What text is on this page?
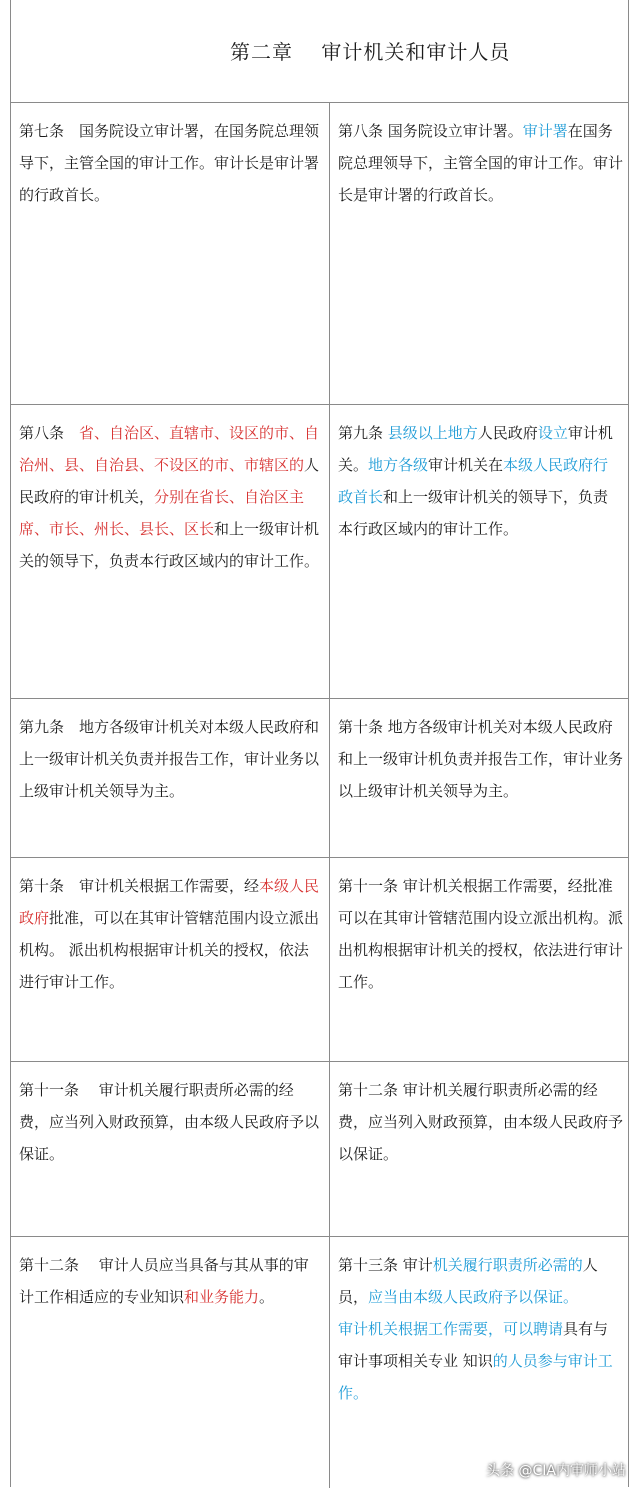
第二章　 审计机关和审计人员
第七条　国务院设立审计署，在国务院总理领导下，主管全国的审计工作。审计长是审计署的行政首长。
第八条 国务院设立审计署。审计署在国务院总理领导下，主管全国的审计工作。审计长是审计署的行政首长。
第八条　省、自治区、直辖市、设区的市、自治州、县、自治县、不设区的市、市辖区的人民政府的审计机关，分别在省长、自治区主席、市长、州长、县长、区长和上一级审计机关的领导下，负责本行政区域内的审计工作。
第九条 县级以上地方人民政府设立审计机关。地方各级审计机关在本级人民政府行政首长和上一级审计机关的领导下，负责本行政区域内的审计工作。
第九条　地方各级审计机关对本级人民政府和上一级审计机关负责并报告工作，审计业务以上级审计机关领导为主。
第十条 地方各级审计机关对本级人民政府和上一级审计机负责并报告工作，审计业务以上级审计机关领导为主。
第十条　审计机关根据工作需要，经本级人民政府批准，可以在其审计管辖范围内设立派出机构。 派出机构根据审计机关的授权，依法进行审计工作。
第十一条 审计机关根据工作需要，经批准可以在其审计管辖范围内设立派出机构。派出机构根据审计机关的授权，依法进行审计工作。
第十一条　 审计机关履行职责所必需的经费，应当列入财政预算，由本级人民政府予以保证。
第十二条 审计机关履行职责所必需的经费，应当列入财政预算，由本级人民政府予以保证。
第十二条　 审计人员应当具备与其从事的审计工作相适应的专业知识和业务能力。
第十三条 审计机关履行职责所必需的人员，应当由本级人民政府予以保证。
审计机关根据工作需要，可以聘请具有与审计事项相关专业 知识的人员参与审计工作。
头条 @CIA内审师小站
